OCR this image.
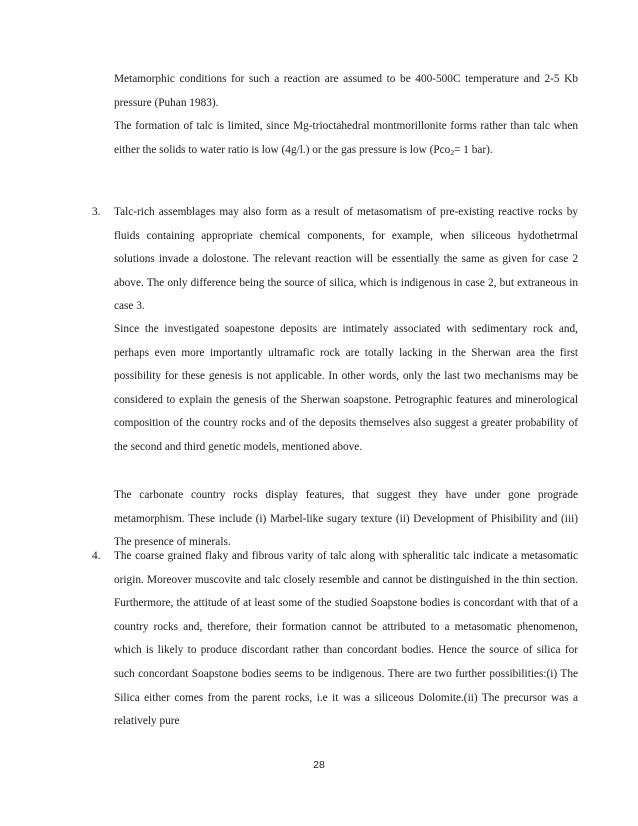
Metamorphic conditions for such a reaction are assumed to be 400-500C temperature and 2-5 Kb pressure (Puhan 1983).

The formation of talc is limited, since Mg-trioctahedral montmorillonite forms rather than talc when either the solids to water ratio is low (4g/l.) or the gas pressure is low (Pco$_2$= 1 bar).

3. Talc-rich assemblages may also form as a result of metasomatism of pre-existing reactive rocks by fluids containing appropriate chemical components, for example, when siliceous hydothetrmal solutions invade a dolostone. The relevant reaction will be essentially the same as given for case 2 above. The only difference being the source of silica, which is indigenous in case 2, but extraneous in case 3.

Since the investigated soapestone deposits are intimately associated with sedimentary rock and, perhaps even more importantly ultramafic rock are totally lacking in the Sherwan area the first possibility for these genesis is not applicable. In other words, only the last two mechanisms may be considered to explain the genesis of the Sherwan soapstone. Petrographic features and minerological composition of the country rocks and of the deposits themselves also suggest a greater probability of the second and third genetic models, mentioned above.

The carbonate country rocks display features, that suggest they have under gone prograde metamorphism. These include (i) Marbel-like sugary texture (ii) Development of Phisibility and (iii) The presence of minerals.

4. The coarse grained flaky and fibrous varity of talc along with spheralitic talc indicate a metasomatic origin. Moreover muscovite and talc closely resemble and cannot be distinguished in the thin section. Furthermore, the attitude of at least some of the studied Soapstone bodies is concordant with that of a country rocks and, therefore, their formation cannot be attributed to a metasomatic phenomenon, which is likely to produce discordant rather than concordant bodies. Hence the source of silica for such concordant Soapstone bodies seems to be indigenous. There are two further possibilities:(i) The Silica either comes from the parent rocks, i.e it was a siliceous Dolomite.(ii) The precursor was a relatively pure

28
